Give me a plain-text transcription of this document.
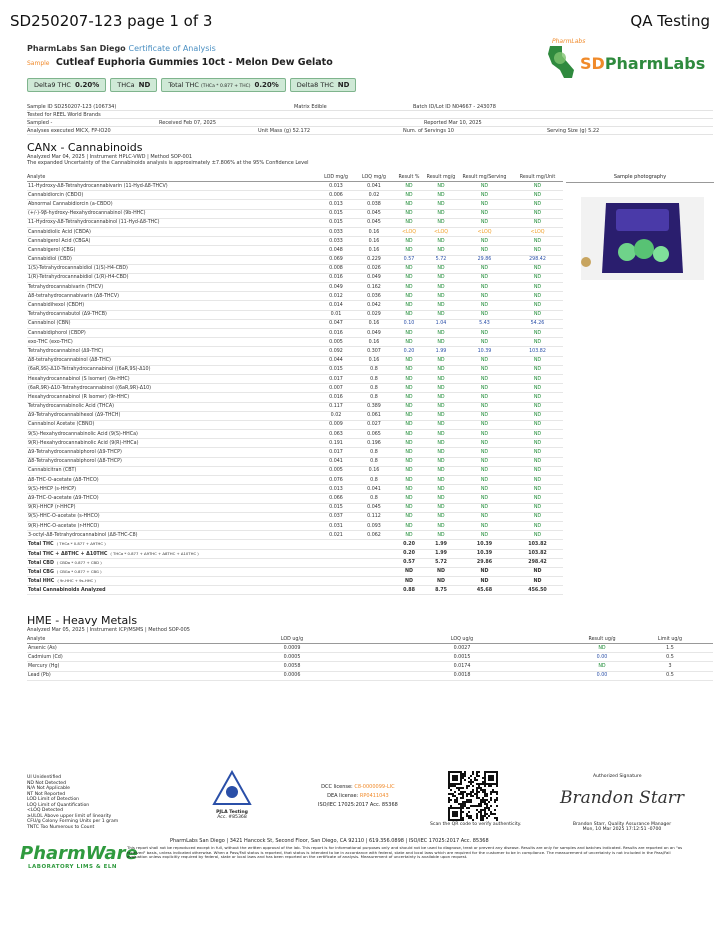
SD250207-123 page 1 of 3	QA Testing
PharmLabs San Diego Certificate of Analysis
Sample Cutleaf Euphoria Gummies 10ct - Melon Dew Gelato
Delta9 THC 0.20%	THCa ND	Total THC (THCa * 0.877 + THC) 0.20%	Delta8 THC ND
PharmLabs
SDPharmLabs
Sample ID SD250207-123 (106734)	Matrix Edible	Batch ID/Lot ID N04667 - 243078
Tested for REEL World Brands
Sampled -	Received Feb 07, 2025	Reported Mar 10, 2025
Analyses executed MICX, FP-IO20	Unit Mass (g) 52.172	Num. of Servings 10	Serving Size (g) 5.22
CANx - Cannabinoids
Analyzed Mar 04, 2025 | Instrument HPLC-VWD | Method SOP-001
The expanded Uncertainty of the Cannabinoids analysis is approximately ±7.806% at the 95% Confidence Level
Sample photography
Analyte	LOD mg/g	LOQ mg/g	Result %	Result mg/g	Result mg/Serving	Result mg/Unit
11-Hydroxy-Δ8-Tetrahydrocannabivarin (11-Hyd-Δ8-THCV)	0.013	0.041	ND	ND	ND	ND
Cannabidiorcin (CBDO)	0.006	0.02	ND	ND	ND	ND
Abnormal Cannabidiorcin (a-CBDO)	0.013	0.038	ND	ND	ND	ND
(+/-)-9β-hydroxy-Hexahydrocannabinol (9b-HHC)	0.015	0.045	ND	ND	ND	ND
11-Hydroxy-Δ8-Tetrahydrocannabinol (11-Hyd-Δ8-THC)	0.015	0.045	ND	ND	ND	ND
Cannabidiolic Acid (CBDA)	0.033	0.16	<LOQ	<LOQ	<LOQ	<LOQ
Cannabigerol Acid (CBGA)	0.033	0.16	ND	ND	ND	ND
Cannabigerol (CBG)	0.048	0.16	ND	ND	ND	ND
Cannabidiol (CBD)	0.069	0.229	0.57	5.72	29.86	298.42
1(S)-Tetrahydrocannabidiol (1(S)-H4-CBD)	0.008	0.026	ND	ND	ND	ND
1(R)-Tetrahydrocannabidiol (1(R)-H4-CBD)	0.016	0.049	ND	ND	ND	ND
Tetrahydrocannabivarin (THCV)	0.049	0.162	ND	ND	ND	ND
Δ8-tetrahydrocannabivarin (Δ8-THCV)	0.012	0.036	ND	ND	ND	ND
Cannabidihexol (CBDH)	0.014	0.042	ND	ND	ND	ND
Tetrahydrocannabutol (Δ9-THCB)	0.01	0.029	ND	ND	ND	ND
Cannabinol (CBN)	0.047	0.16	0.10	1.04	5.43	54.26
Cannabidiphorol (CBDP)	0.016	0.049	ND	ND	ND	ND
exo-THC (exo-THC)	0.005	0.16	ND	ND	ND	ND
Tetrahydrocannabinol (Δ9-THC)	0.092	0.307	0.20	1.99	10.39	103.82
Δ8-tetrahydrocannabinol (Δ8-THC)	0.044	0.16	ND	ND	ND	ND
(6aR,9S)-Δ10-Tetrahydrocannabinol ((6aR,9S)-Δ10)	0.015	0.8	ND	ND	ND	ND
Hexahydrocannabinol (S Isomer) (9s-HHC)	0.017	0.8	ND	ND	ND	ND
(6aR,9R)-Δ10-Tetrahydrocannabinol ((6aR,9R)-Δ10)	0.007	0.8	ND	ND	ND	ND
Hexahydrocannabinol (R Isomer) (9r-HHC)	0.016	0.8	ND	ND	ND	ND
Tetrahydrocannabinolic Acid (THCA)	0.117	0.389	ND	ND	ND	ND
Δ9-Tetrahydrocannabihexol (Δ9-THCH)	0.02	0.061	ND	ND	ND	ND
Cannabinol Acetate (CBNO)	0.009	0.027	ND	ND	ND	ND
9(S)-Hexahydrocannabinolic Acid (9(S)-HHCa)	0.063	0.065	ND	ND	ND	ND
9(R)-Hexahydrocannabinolic Acid (9(R)-HHCa)	0.191	0.196	ND	ND	ND	ND
Δ9-Tetrahydrocannabiphorol (Δ9-THCP)	0.017	0.8	ND	ND	ND	ND
Δ8-Tetrahydrocannabiphorol (Δ8-THCP)	0.041	0.8	ND	ND	ND	ND
Cannabicitran (CBT)	0.005	0.16	ND	ND	ND	ND
Δ8-THC-O-acetate (Δ8-THCO)	0.076	0.8	ND	ND	ND	ND
9(S)-HHCP (s-HHCP)	0.013	0.041	ND	ND	ND	ND
Δ9-THC-O-acetate (Δ9-THCO)	0.066	0.8	ND	ND	ND	ND
9(R)-HHCP (r-HHCP)	0.015	0.045	ND	ND	ND	ND
9(S)-HHC-O-acetate (s-HHCO)	0.037	0.112	ND	ND	ND	ND
9(R)-HHC-O-acetate (r-HHCO)	0.031	0.093	ND	ND	ND	ND
3-octyl-Δ8-Tetrahydrocannabinol (Δ8-THC-C8)	0.021	0.062	ND	ND	ND	ND
Total THC ( THCa * 0.877 + Δ9THC )			0.20	1.99	10.39	103.82
Total THC + Δ8THC + Δ10THC ( THCa * 0.877 + Δ9THC + Δ8THC + Δ10THC )			0.20	1.99	10.39	103.82
Total CBD ( CBDa * 0.877 + CBD )			0.57	5.72	29.86	298.42
Total CBG ( CBGa * 0.877 + CBG )			ND	ND	ND	ND
Total HHC ( 9r-HHC + 9s-HHC )			ND	ND	ND	ND
Total Cannabinoids Analyzed			0.88	8.75	45.68	456.50
HME - Heavy Metals
Analyzed Mar 05, 2025 | Instrument ICP/MSMS | Method SOP-005
Analyte	LOD ug/g	LOQ ug/g	Result ug/g	Limit ug/g
Arsenic (As)	0.0009	0.0027	ND	1.5
Cadmium (Cd)	0.0005	0.0015	0.00	0.5
Mercury (Hg)	0.0058	0.0174	ND	3
Lead (Pb)	0.0006	0.0018	0.00	0.5
UI Unidentified
ND Not Detected
N/A Not Applicable
NT Not Reported
LOD Limit of Detection
LOQ Limit of Quantification
<LOQ Detected
≥ULOL Above upper limit of linearity
CFU/g Colony Forming Units per 1 gram
TNTC Too Numerous to Count
PJLA Testing
Acc. #85368
DCC license: C8-0000099-LIC
DEA license: RP0411043
ISO/IEC 17025:2017 Acc. 85368
Scan the QR code to verify authenticity.
Authorized Signature
Brandon Starr
Brandon Starr, Quality Assurance Manager
Mon, 10 Mar 2025 17:12:51 -0700
PharmLabs San Diego | 3421 Hancock St, Second Floor, San Diego, CA 92110 | 619.356.0898 | ISO/IEC 17025:2017 Acc. 85368
PharmWare
LABORATORY LIMS & ELN
This report shall not be reproduced except in full, without the written approval of the lab. This report is for informational purposes only and should not be used to diagnose, treat or prevent any disease. Results are only for samples and batches indicated. Results are reported on an "as received" basis, unless indicated otherwise. When a Pass/Fail status is reported, that status is intended to be in accordance with federal, state and local laws which are required for the customer to be in compliance. The measurement of uncertainty is not included in the Pass/Fail evaluation unless explicitly required by federal, state or local laws and has been reported on the certificate of analysis. Measurement of uncertainty is available upon request.
